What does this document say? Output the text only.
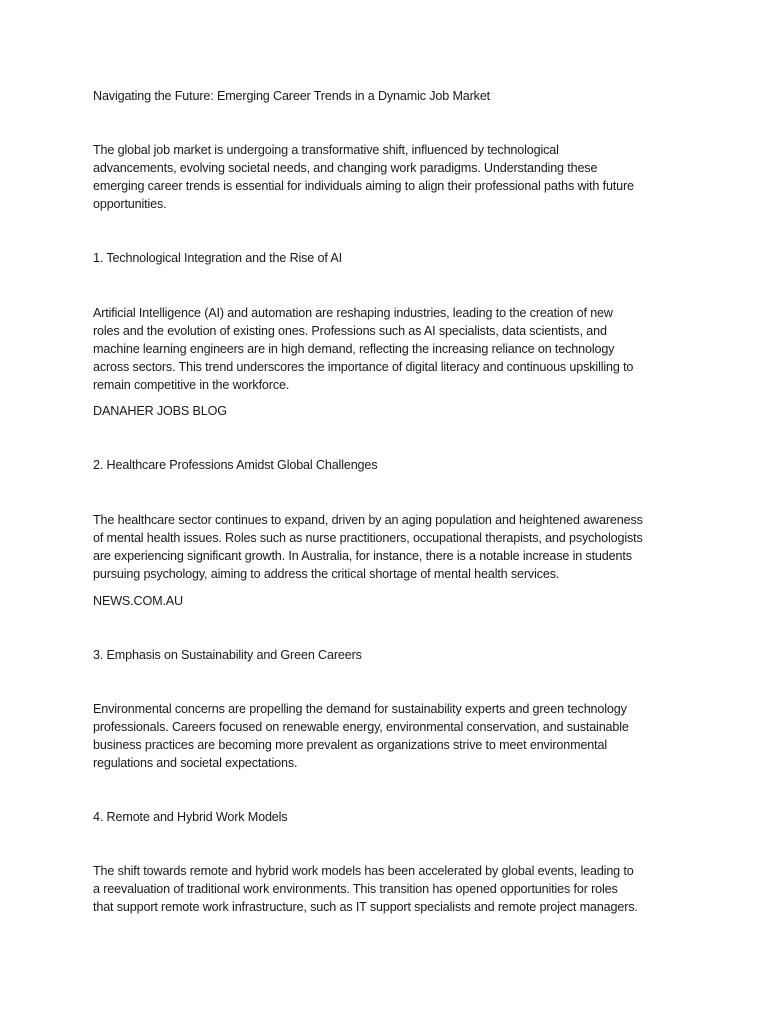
Navigating the Future: Emerging Career Trends in a Dynamic Job Market

The global job market is undergoing a transformative shift, influenced by technological
advancements, evolving societal needs, and changing work paradigms. Understanding these
emerging career trends is essential for individuals aiming to align their professional paths with future
opportunities.

1. Technological Integration and the Rise of AI

Artificial Intelligence (AI) and automation are reshaping industries, leading to the creation of new
roles and the evolution of existing ones. Professions such as AI specialists, data scientists, and
machine learning engineers are in high demand, reflecting the increasing reliance on technology
across sectors. This trend underscores the importance of digital literacy and continuous upskilling to
remain competitive in the workforce.

DANAHER JOBS BLOG

2. Healthcare Professions Amidst Global Challenges

The healthcare sector continues to expand, driven by an aging population and heightened awareness
of mental health issues. Roles such as nurse practitioners, occupational therapists, and psychologists
are experiencing significant growth. In Australia, for instance, there is a notable increase in students
pursuing psychology, aiming to address the critical shortage of mental health services.

NEWS.COM.AU

3. Emphasis on Sustainability and Green Careers

Environmental concerns are propelling the demand for sustainability experts and green technology
professionals. Careers focused on renewable energy, environmental conservation, and sustainable
business practices are becoming more prevalent as organizations strive to meet environmental
regulations and societal expectations.

4. Remote and Hybrid Work Models

The shift towards remote and hybrid work models has been accelerated by global events, leading to
a reevaluation of traditional work environments. This transition has opened opportunities for roles
that support remote work infrastructure, such as IT support specialists and remote project managers.
